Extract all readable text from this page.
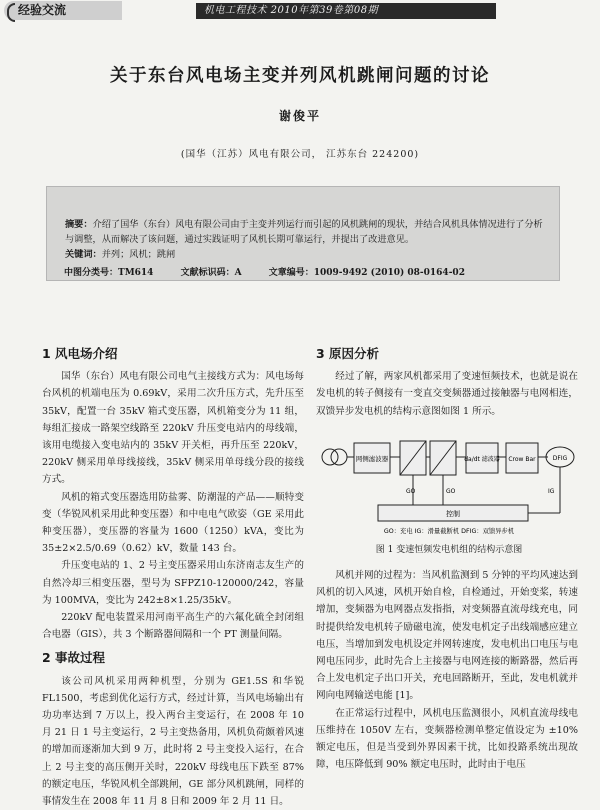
经验交流	机电工程技术 2010年第39卷第08期
关于东台风电场主变并列风机跳闸问题的讨论
谢俊平
(国华（江苏）风电有限公司， 江苏东台 224200)
摘要：介绍了国华（东台）风电有限公司由于主变并列运行而引起的风机跳闸的现状，并结合风机具体情况进行了分析与调整，从而解决了该问题，通过实践证明了风机长期可靠运行，并提出了改进意见。
关键词：并列；风机；跳闸
中图分类号：TM614	文献标识码：A	文章编号：1009-9492 (2010) 08-0164-02
1 风电场介绍

国华（东台）风电有限公司电气主接线方式为：风电场每台风机的机端电压为 0.69kV，采用二次升压方式，先升压至 35kV，配置一台 35kV 箱式变压器，风机箱变分为 11 组，每组汇接成一路架空线路至 220kV 升压变电站内的母线端，该用电缆接入变电站内的 35kV 开关柜，再升压至 220kV，220kV 侧采用单母线接线，35kV 侧采用单母线分段的接线方式。

风机的箱式变压器选用防盐雾、防潮湿的产品——顺特变变（华锐风机采用此种变压器）和中电电气欧姿（GE 采用此种变压器），变压器的容量为 1600（1250）kVA，变比为 35±2×2.5/0.69（0.62）kV，数量 143 台。

升压变电站的 1、2 号主变压器采用山东济南志友生产的自然冷却三相变压器，型号为 SFPZ10-120000/242，容量为 100MVA，变比为 242±8×1.25/35kV。

220kV 配电装置采用河南平高生产的六氟化硫全封闭组合电器（GIS），共 3 个断路器间隔和一个 PT 测量间隔。

2 事故过程

该公司风机采用两种机型，分别为 GE1.5S 和华锐 FL1500，考虑到优化运行方式，经过计算，当风电场输出有功功率达到 7 万以上，投入两台主变运行，在 2008 年 10 月 21 日 1 号主变运行，2 号主变热备用，风机负荷颇着风速的增加而逐渐加大到 9 万，此时将 2 号主变投入运行，在合上 2 号主变的高压侧开关时，220kV 母线电压下跌至 87% 的额定电压，华锐风机全部跳闸，GE 部分风机跳闸，同样的事情发生在 2008 年 11 月 8 日和 2009 年 2 月 11 日。

3 原因分析

经过了解，两家风机都采用了变速恒频技术，也就是说在发电机的转子侧接有一变直交变频器通过接触器与电网相连，双馈异步发电机的结构示意图如图 1 所示。

网侧滤波器	da/dt 滤波器 Crow Bar	DFIG
控制
GO	GO	IG
GO：充电 IG：滑量截断机 DFIG：双馈异步机
图 1 变速恒频发电机组的结构示意图

风机并网的过程为：当风机监测到 5 分钟的平均风速达到风机的切入风速，风机开始自检，自检通过，开始变桨，转速增加，变频器为电网器点发指指，对变频器直流母线充电，同时提供给发电机转子励磁电流，使发电机定子出线端感应建立电压，当增加到发电机设定并网转速度，发电机出口电压与电网电压同步，此时先合上主接器与电网连接的断路器，然后再合上发电机定子出口开关，充电回路断开，至此，发电机就并网向电网输送电能 [1]。

在正常运行过程中，风机电压监测很小，风机直流母线电压维持在 1050V 左右，变频器检测单整定值设定为 ±10% 额定电压，但是当受到外界因素干扰，比如投路系统出现故障，电压降低到 90% 额定电压时，此时由于电压
